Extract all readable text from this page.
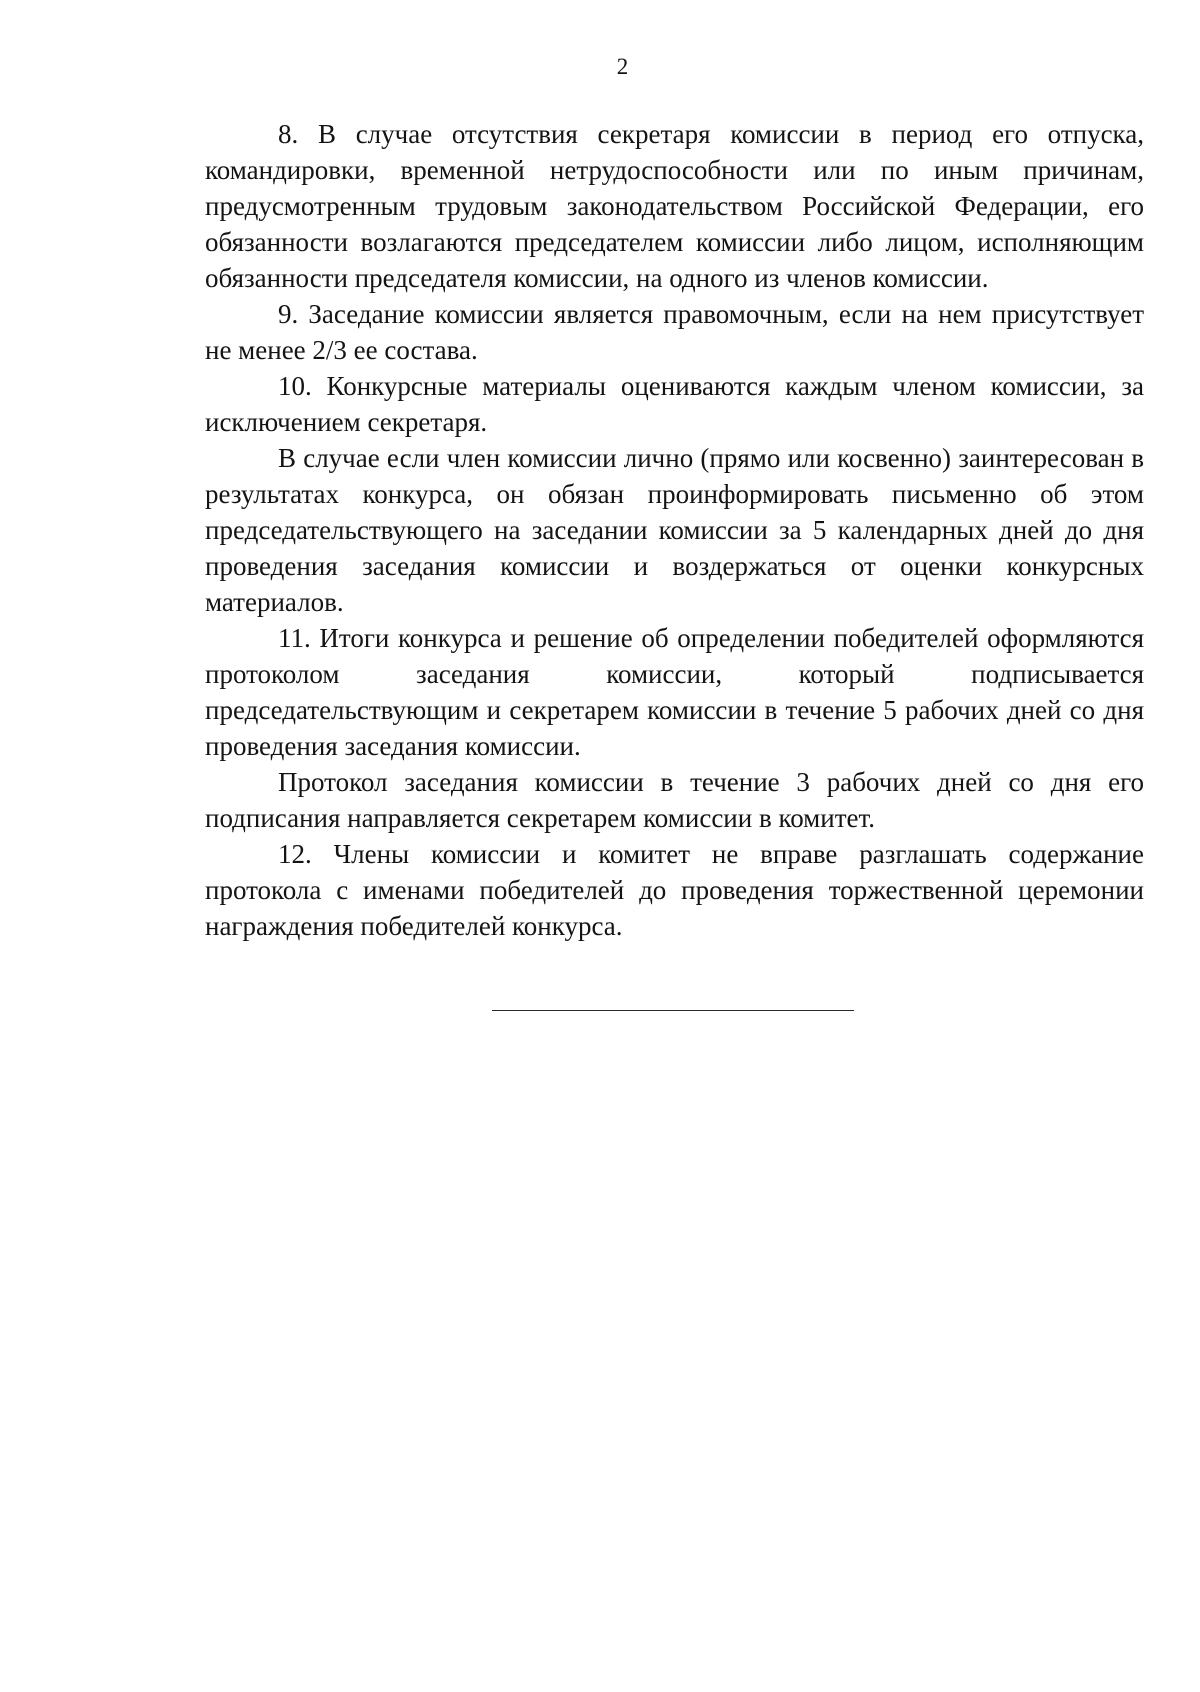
2

8. В случае отсутствия секретаря комиссии в период его отпуска, командировки, временной нетрудоспособности или по иным причинам, предусмотренным трудовым законодательством Российской Федерации, его обязанности возлагаются председателем комиссии либо лицом, исполняющим обязанности председателя комиссии, на одного из членов комиссии.

9. Заседание комиссии является правомочным, если на нем присутствует не менее 2/3 ее состава.

10. Конкурсные материалы оцениваются каждым членом комиссии, за исключением секретаря.

В случае если член комиссии лично (прямо или косвенно) заинтересован в результатах конкурса, он обязан проинформировать письменно об этом председательствующего на заседании комиссии за 5 календарных дней до дня проведения заседания комиссии и воздержаться от оценки конкурсных материалов.

11. Итоги конкурса и решение об определении победителей оформляются протоколом заседания комиссии, который подписывается председательствующим и секретарем комиссии в течение 5 рабочих дней со дня проведения заседания комиссии.

Протокол заседания комиссии в течение 3 рабочих дней со дня его подписания направляется секретарем комиссии в комитет.

12. Члены комиссии и комитет не вправе разглашать содержание протокола с именами победителей до проведения торжественной церемонии награждения победителей конкурса.
